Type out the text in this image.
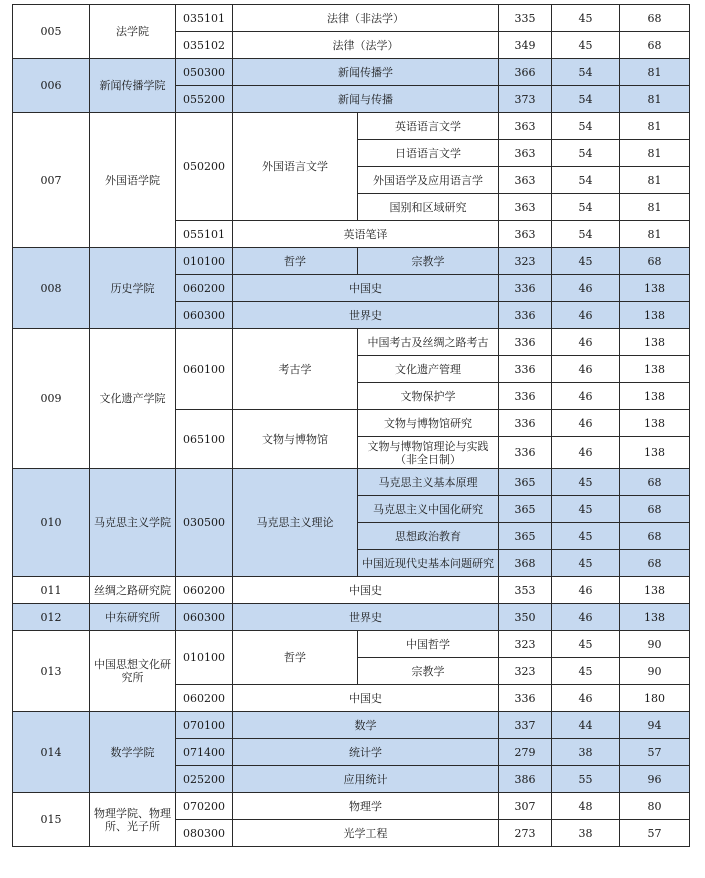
005	法学院	035101	法律（非法学）		335	45	68
		035102	法律（法学）		349	45	68
006	新闻传播学院	050300	新闻传播学		366	54	81
		055200	新闻与传播		373	54	81
007	外国语学院	050200	外国语言文学	英语语言文学	363	54	81
				日语语言文学	363	54	81
				外国语学及应用语言学	363	54	81
				国别和区域研究	363	54	81
		055101	英语笔译		363	54	81
008	历史学院	010100	哲学	宗教学	323	45	68
		060200	中国史		336	46	138
		060300	世界史		336	46	138
009	文化遗产学院	060100	考古学	中国考古及丝绸之路考古	336	46	138
				文化遗产管理	336	46	138
				文物保护学	336	46	138
		065100	文物与博物馆	文物与博物馆研究	336	46	138
				文物与博物馆理论与实践（非全日制）	336	46	138
010	马克思主义学院	030500	马克思主义理论	马克思主义基本原理	365	45	68
				马克思主义中国化研究	365	45	68
				思想政治教育	365	45	68
				中国近现代史基本问题研究	368	45	68
011	丝绸之路研究院	060200	中国史		353	46	138
012	中东研究所	060300	世界史		350	46	138
013	中国思想文化研究所	010100	哲学	中国哲学	323	45	90
				宗教学	323	45	90
		060200	中国史		336	46	180
014	数学学院	070100	数学		337	44	94
		071400	统计学		279	38	57
		025200	应用统计		386	55	96
015	物理学院、物理所、光子所	070200	物理学		307	48	80
		080300	光学工程		273	38	57
